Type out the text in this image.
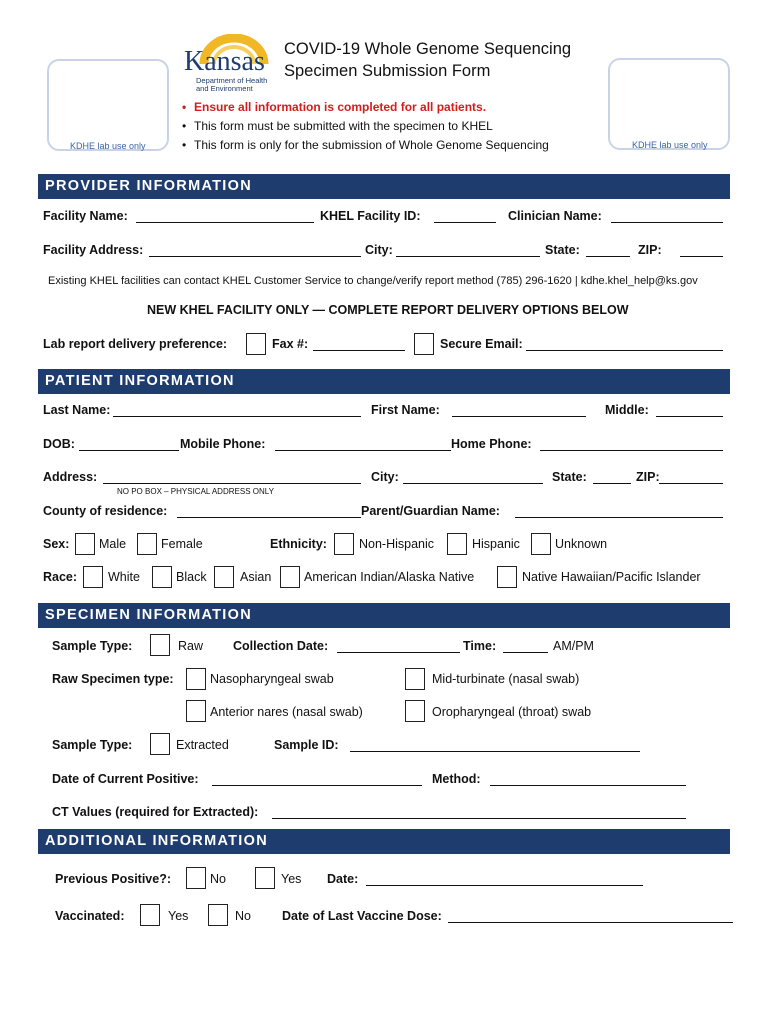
KDHE lab use only	KDHE lab use only
Kansas
Department of Health
and Environment
COVID-19 Whole Genome Sequencing
Specimen Submission Form
• Ensure all information is completed for all patients.
• This form must be submitted with the specimen to KHEL
• This form is only for the submission of Whole Genome Sequencing
PROVIDER INFORMATION
Facility Name:	KHEL Facility ID:	Clinician Name:
Facility Address:	City:	State:	ZIP:
Existing KHEL facilities can contact KHEL Customer Service to change/verify report method (785) 296-1620 | kdhe.khel_help@ks.gov
NEW KHEL FACILITY ONLY — COMPLETE REPORT DELIVERY OPTIONS BELOW
Lab report delivery preference:	Fax #:	Secure Email:
PATIENT INFORMATION
Last Name:	First Name:	Middle:
DOB:	Mobile Phone:	Home Phone:
Address:
NO PO BOX – PHYSICAL ADDRESS ONLY
City:	State:	ZIP:
County of residence:	Parent/Guardian Name:
Sex: Male	Female	Ethnicity:	Non-Hispanic	Hispanic	Unknown
Race: White	Black	Asian	American Indian/Alaska Native	Native Hawaiian/Pacific Islander
SPECIMEN INFORMATION
Sample Type:	Raw Collection Date:	Time:	AM/PM
Raw Specimen type:	Nasopharyngeal swab	Mid-turbinate (nasal swab)
Anterior nares (nasal swab)	Oropharyngeal (throat) swab
Sample Type:	Extracted	Sample ID:
Date of Current Positive:	Method:
CT Values (required for Extracted):
ADDITIONAL INFORMATION
Previous Positive?:	No	Yes Date:
Vaccinated:	Yes	No Date of Last Vaccine Dose:
